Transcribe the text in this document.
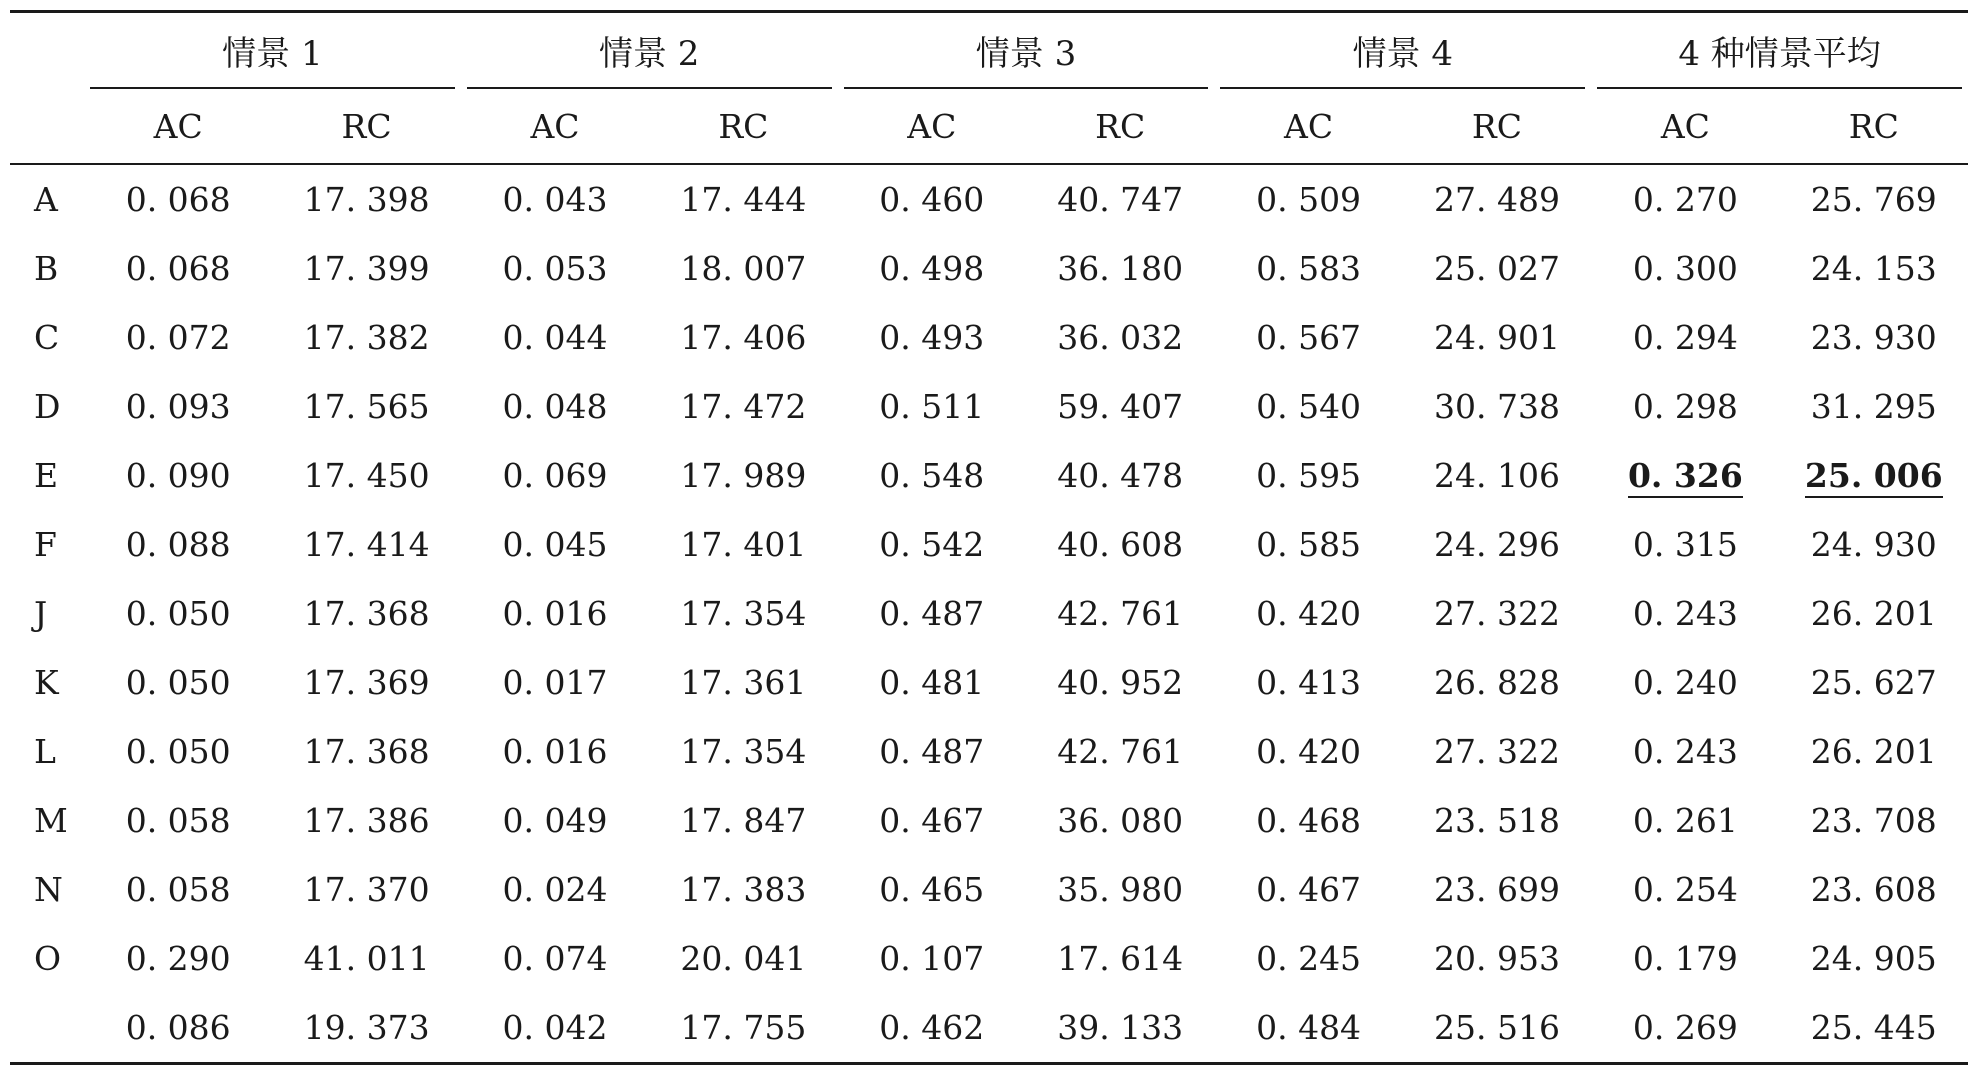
	情景 1		情景 2		情景 3		情景 4		4 种情景平均	

	AC	RC	AC	RC	AC	RC	AC	RC	AC	RC
A	0. 068	17. 398	0. 043	17. 444	0. 460	40. 747	0. 509	27. 489	0. 270	25. 769
B	0. 068	17. 399	0. 053	18. 007	0. 498	36. 180	0. 583	25. 027	0. 300	24. 153
C	0. 072	17. 382	0. 044	17. 406	0. 493	36. 032	0. 567	24. 901	0. 294	23. 930
D	0. 093	17. 565	0. 048	17. 472	0. 511	59. 407	0. 540	30. 738	0. 298	31. 295
E	0. 090	17. 450	0. 069	17. 989	0. 548	40. 478	0. 595	24. 106	0. 326	25. 006
F	0. 088	17. 414	0. 045	17. 401	0. 542	40. 608	0. 585	24. 296	0. 315	24. 930
J	0. 050	17. 368	0. 016	17. 354	0. 487	42. 761	0. 420	27. 322	0. 243	26. 201
K	0. 050	17. 369	0. 017	17. 361	0. 481	40. 952	0. 413	26. 828	0. 240	25. 627
L	0. 050	17. 368	0. 016	17. 354	0. 487	42. 761	0. 420	27. 322	0. 243	26. 201
M	0. 058	17. 386	0. 049	17. 847	0. 467	36. 080	0. 468	23. 518	0. 261	23. 708
N	0. 058	17. 370	0. 024	17. 383	0. 465	35. 980	0. 467	23. 699	0. 254	23. 608
O	0. 290	41. 011	0. 074	20. 041	0. 107	17. 614	0. 245	20. 953	0. 179	24. 905
	0. 086	19. 373	0. 042	17. 755	0. 462	39. 133	0. 484	25. 516	0. 269	25. 445
